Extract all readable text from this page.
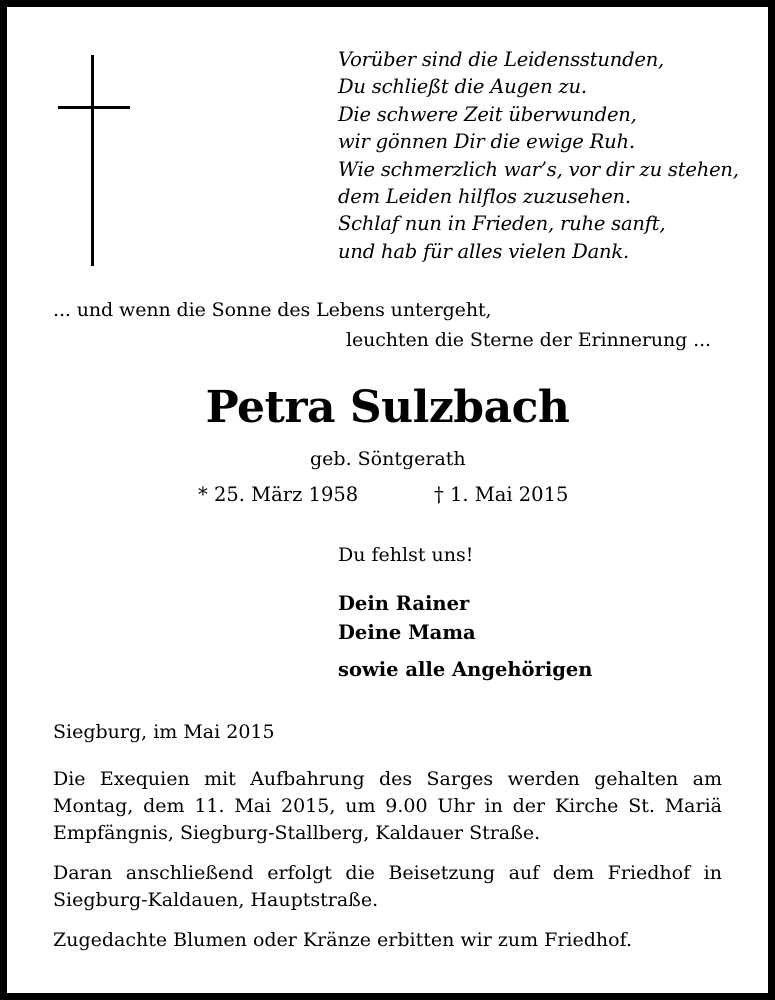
Vorüber sind die Leidensstunden,
Du schließt die Augen zu.
Die schwere Zeit überwunden,
wir gönnen Dir die ewige Ruh.
Wie schmerzlich war’s, vor dir zu stehen,
dem Leiden hilflos zuzusehen.
Schlaf nun in Frieden, ruhe sanft,
und hab für alles vielen Dank.
... und wenn die Sonne des Lebens untergeht,
leuchten die Sterne der Erinnerung ...
Petra Sulzbach
geb. Söntgerath
* 25. März 1958	† 1. Mai 2015
Du fehlst uns!
Dein Rainer
Deine Mama
sowie alle Angehörigen
Siegburg, im Mai 2015
Die Exequien mit Aufbahrung des Sarges werden gehalten am Montag, dem 11. Mai 2015, um 9.00 Uhr in der Kirche St. Mariä Empfängnis, Siegburg-Stallberg, Kaldauer Straße.
Daran anschließend erfolgt die Beisetzung auf dem Friedhof in Siegburg-Kaldauen, Hauptstraße.
Zugedachte Blumen oder Kränze erbitten wir zum Friedhof.
